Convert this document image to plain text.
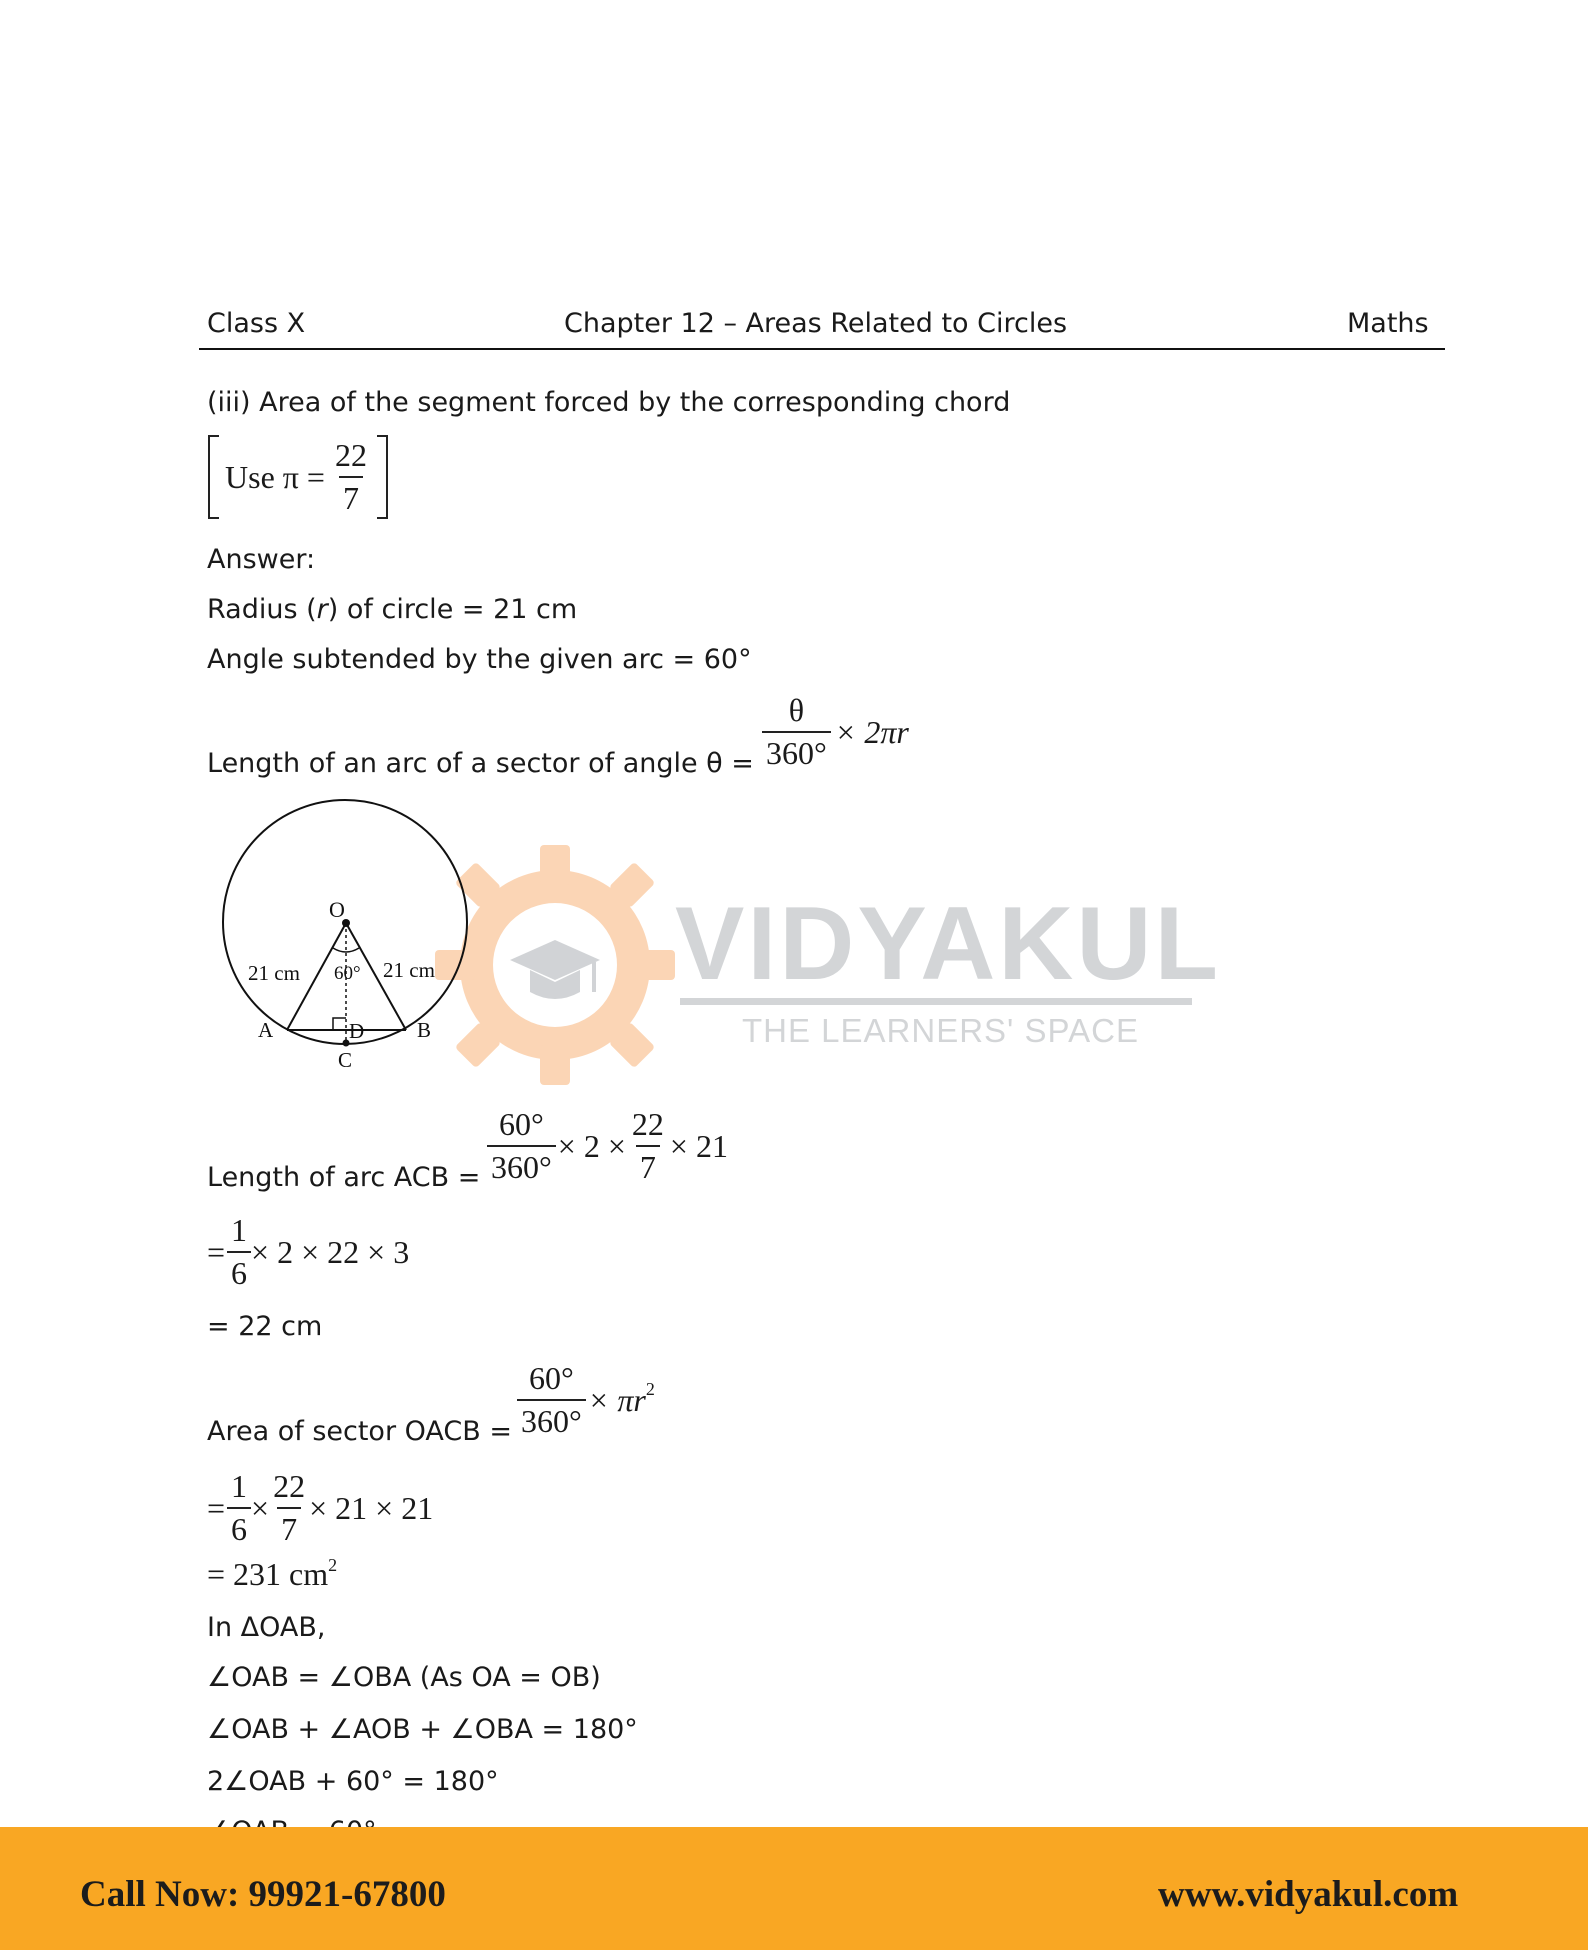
VIDYAKUL
THE LEARNERS' SPACE
Class X	Chapter 12 – Areas Related to Circles	Maths
(iii) Area of the segment forced by the corresponding chord
Use $\pi = \frac{22}{7}$
Answer:
Radius (r) of circle = 21 cm
Angle subtended by the given arc = 60°
Length of an arc of a sector of angle $\theta = \frac{\theta}{360^\circ} \times 2\pi r$
O
21 cm	21 cm
60°
A	B
D
C
Length of arc ACB = $\frac{60^\circ}{360^\circ} \times 2 \times \frac{22}{7} \times 21$
= $\frac{1}{6} \times 2 \times 22 \times 3$
= 22 cm
Area of sector OACB = $\frac{60^\circ}{360^\circ} \times \pi r^2$
= $\frac{1}{6} \times \frac{22}{7} \times 21 \times 21$
= 231 $cm^2$
In ΔOAB,
∠OAB = ∠OBA (As OA = OB)
∠OAB + ∠AOB + ∠OBA = 180°
2∠OAB + 60° = 180°
Call Now: 99921-67800	www.vidyakul.com
